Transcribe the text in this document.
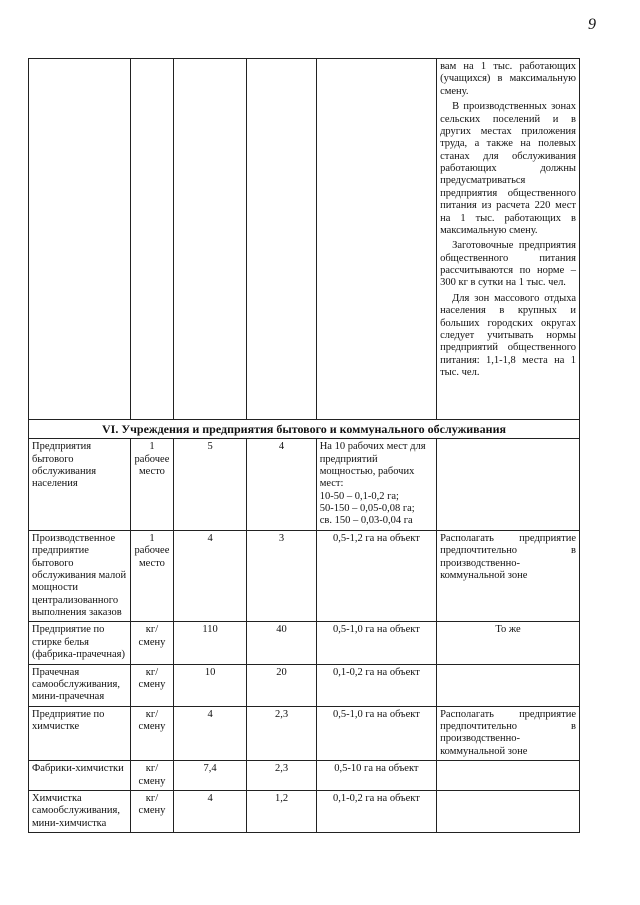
9

					вам на 1 тыс. работающих (учащихся) в максимальную смену.

В производственных зонах сельских поселений и в других местах приложения труда, а также на полевых станах для обслуживания работающих должны предусматриваться предприятия общественного питания из расчета 220 мест на 1 тыс. работающих в максимальную смену.

Заготовочные предприятия общественного питания рассчитываются по норме – 300 кг в сутки на 1 тыс. чел.

Для зон массового отдыха населения в крупных и больших городских округах следует учитывать нормы предприятий общественного питания: 1,1-1,8 места на 1 тыс. чел.

VI. Учреждения и предприятия бытового и коммунального обслуживания					
Предприятия бытового обслуживания населения	1 рабочее место	5	4	На 10 рабочих мест для предприятий мощностью, рабочих мест:
10-50 – 0,1-0,2 га;
50-150 – 0,05-0,08 га;
св. 150 – 0,03-0,04 га	

Производственное предприятие бытового обслуживания малой мощности централизованного выполнения заказов	1 рабочее место	4	3	0,5-1,2 га на объект	Располагать предприятие предпочтительно в производственно-коммунальной зоне
Предприятие по стирке белья (фабрика-прачечная)	кг/смену	110	40	0,5-1,0 га на объект	То же
Прачечная самообслуживания, мини-прачечная	кг/смену	10	20	0,1-0,2 га на объект	
Предприятие по химчистке	кг/смену	4	2,3	0,5-1,0 га на объект	Располагать предприятие предпочтительно в производственно-коммунальной зоне
Фабрики-химчистки	кг/смену	7,4	2,3	0,5-10 га на объект	
Химчистка самообслуживания, мини-химчистка	кг/смену	4	1,2	0,1-0,2 га на объект	
